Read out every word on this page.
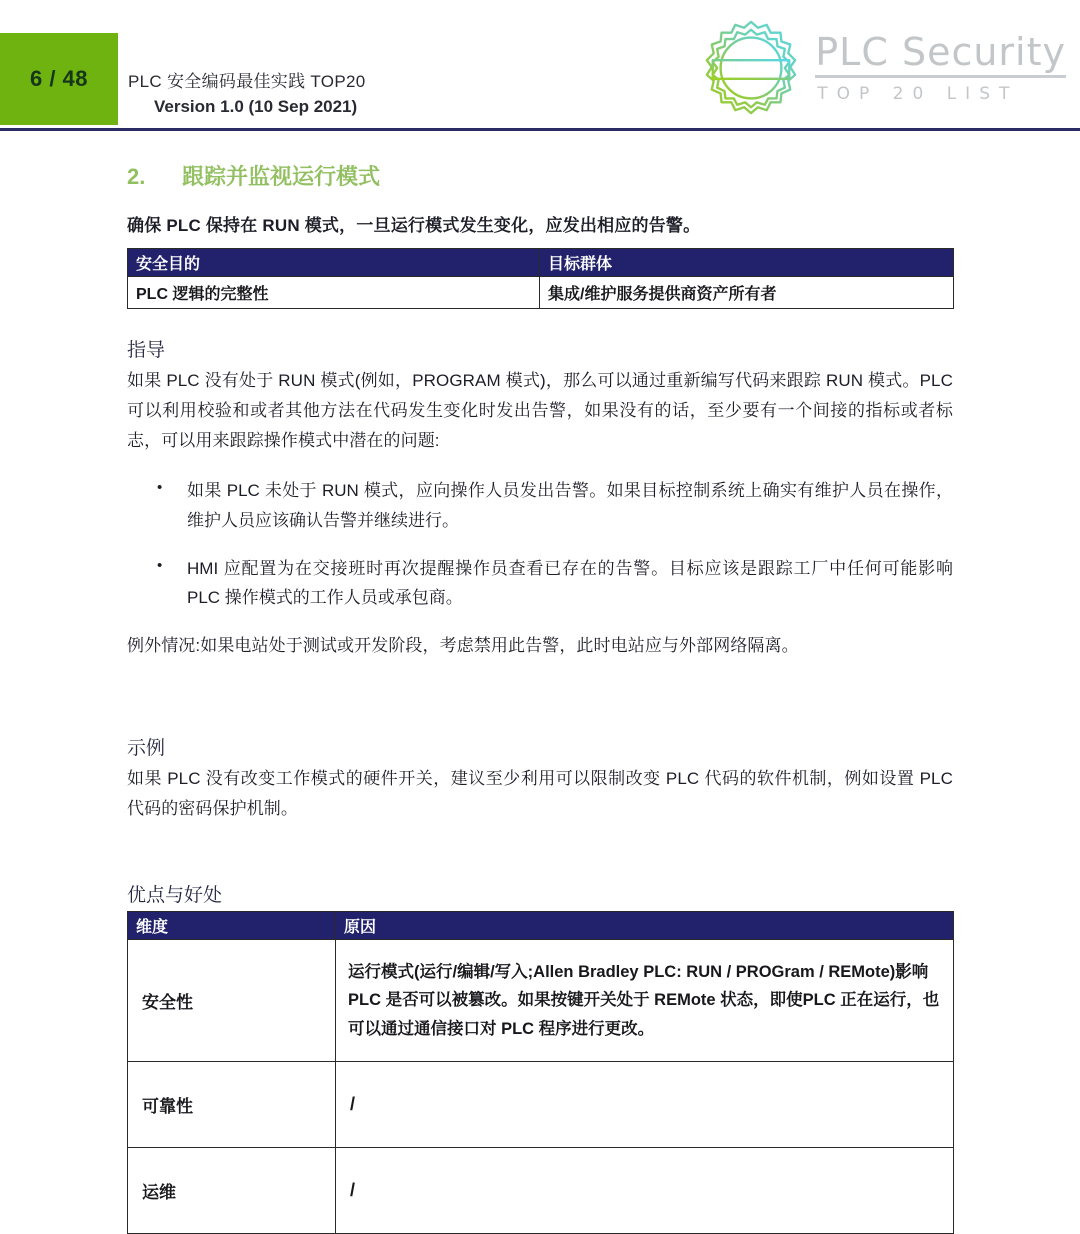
6 / 48 PLC 安全编码最佳实践 TOP20
Version 1.0 (10 Sep 2021)
PLC Security
TOP 20 LIST
2.	跟踪并监视运行模式

确保 PLC 保持在 RUN 模式，一旦运行模式发生变化，应发出相应的告警。

安全目的	目标群体
PLC 逻辑的完整性	集成/维护服务提供商资产所有者
指导

如果 PLC 没有处于 RUN 模式(例如，PROGRAM 模式)，那么可以通过重新编写代码来跟踪 RUN 模式。PLC 可以利用校验和或者其他方法在代码发生变化时发出告警，如果没有的话，至少要有一个间接的指标或者标志，可以用来跟踪操作模式中潜在的问题:

• 如果 PLC 未处于 RUN 模式，应向操作人员发出告警。如果目标控制系统上确实有维护人员在操作，维护人员应该确认告警并继续进行。
• HMI 应配置为在交接班时再次提醒操作员查看已存在的告警。目标应该是跟踪工厂中任何可能影响 PLC 操作模式的工作人员或承包商。

例外情况:如果电站处于测试或开发阶段，考虑禁用此告警，此时电站应与外部网络隔离。

示例

如果 PLC 没有改变工作模式的硬件开关，建议至少利用可以限制改变 PLC 代码的软件机制，例如设置 PLC 代码的密码保护机制。

优点与好处
维度	原因
安全性	运行模式(运行/编辑/写入;Allen Bradley PLC: RUN / PROGram / REMote)影响 PLC 是否可以被篡改。如果按键开关处于 REMote 状态，即使PLC 正在运行，也可以通过通信接口对 PLC 程序进行更改。
可靠性	/
运维	/
